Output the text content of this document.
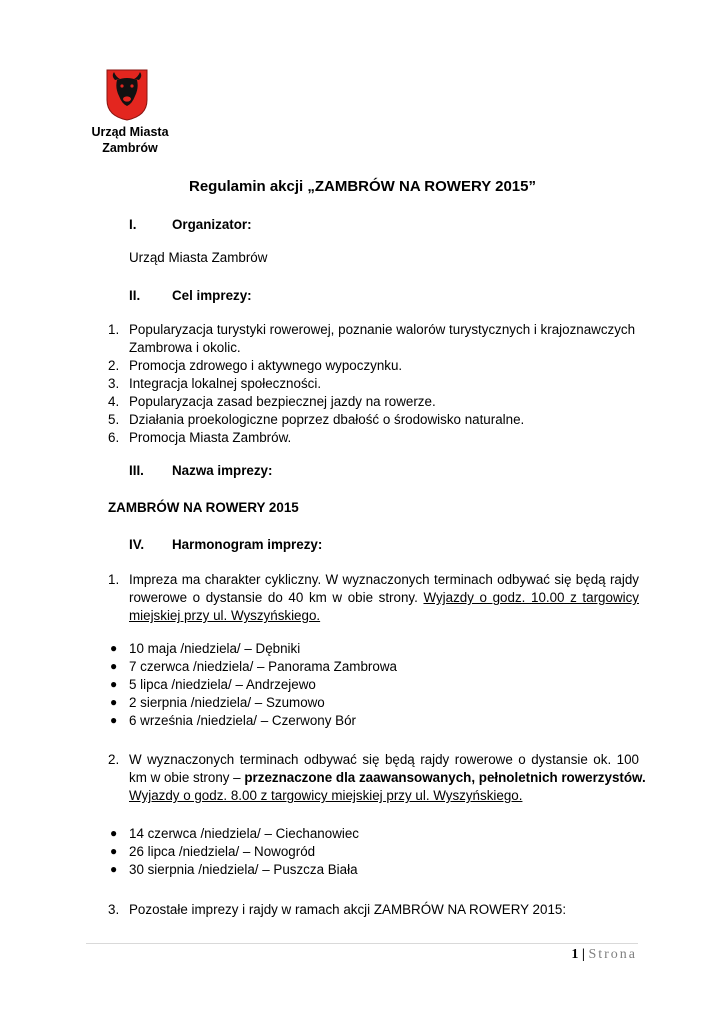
Urząd Miasta
Zambrów
Regulamin akcji „ZAMBRÓW NA ROWERY 2015”
I.	Organizator:
Urząd Miasta Zambrów
II. Cel imprezy:
1. Popularyzacja turystyki rowerowej, poznanie walorów turystycznych i krajoznawczych
Zambrowa i okolic.
2. Promocja zdrowego i aktywnego wypoczynku.
3. Integracja lokalnej społeczności.
4. Popularyzacja zasad bezpiecznej jazdy na rowerze.
5. Działania proekologiczne poprzez dbałość o środowisko naturalne.
6. Promocja Miasta Zambrów.
III. Nazwa imprezy:
ZAMBRÓW NA ROWERY 2015
IV. Harmonogram imprezy:
1. Impreza ma charakter cykliczny. W wyznaczonych terminach odbywać się będą rajdy
rowerowe o dystansie do 40 km w obie strony. Wyjazdy o godz. 10.00 z targowicy
miejskiej przy ul. Wyszyńskiego.
● 10 maja /niedziela/ – Dębniki
● 7 czerwca /niedziela/ – Panorama Zambrowa
● 5 lipca /niedziela/ – Andrzejewo
● 2 sierpnia /niedziela/ – Szumowo
● 6 września /niedziela/ – Czerwony Bór
2. W wyznaczonych terminach odbywać się będą rajdy rowerowe o dystansie ok. 100
km w obie strony – przeznaczone dla zaawansowanych, pełnoletnich rowerzystów.
Wyjazdy o godz. 8.00 z targowicy miejskiej przy ul. Wyszyńskiego.
● 14 czerwca /niedziela/ – Ciechanowiec
● 26 lipca /niedziela/ – Nowogród
● 30 sierpnia /niedziela/ – Puszcza Biała
3. Pozostałe imprezy i rajdy w ramach akcji ZAMBRÓW NA ROWERY 2015:
1 | Strona
